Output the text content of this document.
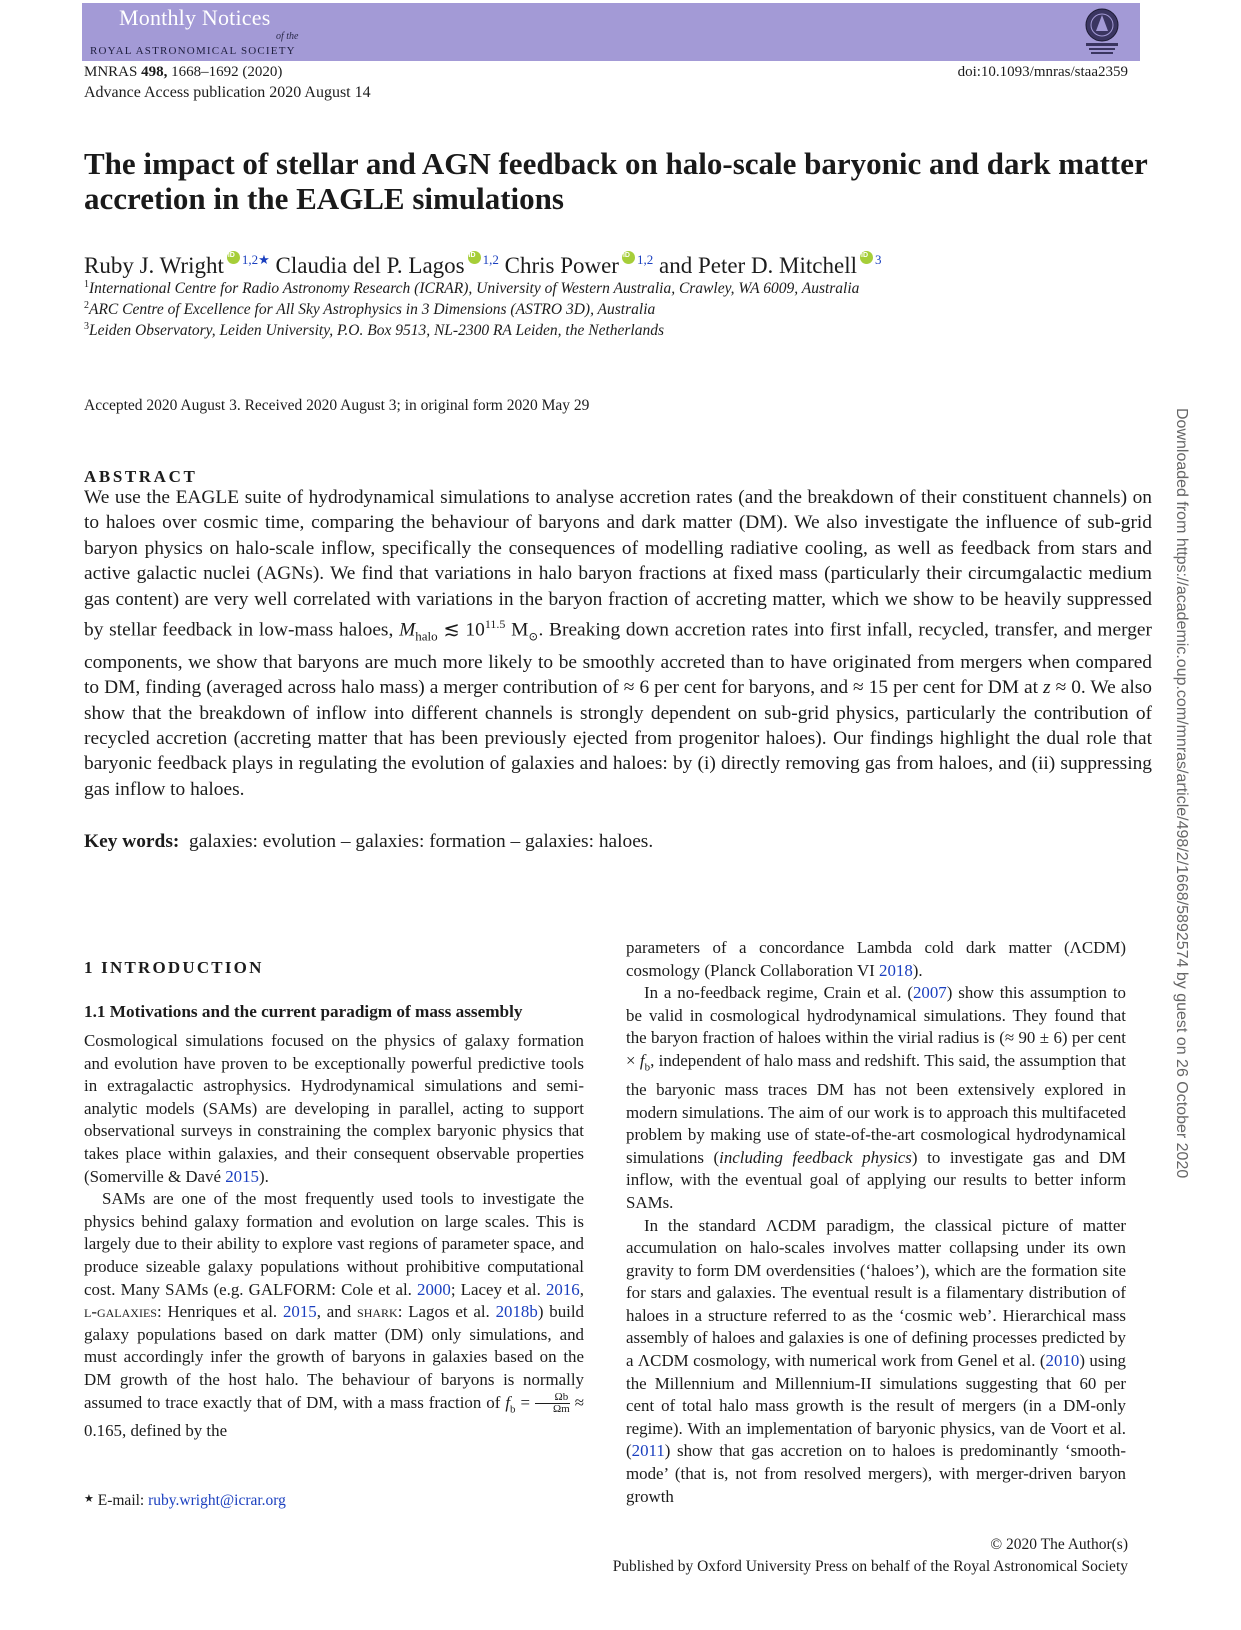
Monthly Notices
of the
ROYAL ASTRONOMICAL SOCIETY
MNRAS 498, 1668–1692 (2020)
Advance Access publication 2020 August 14
doi:10.1093/mnras/staa2359
The impact of stellar and AGN feedback on halo-scale baryonic and dark matter accretion in the EAGLE simulations
Ruby J. Wright iD $^{1,2★}$ Claudia del P. Lagos iD $^{1,2}$ Chris Power iD $^{1,2}$ and Peter D. Mitchell iD $^3$
$^1$International Centre for Radio Astronomy Research (ICRAR), University of Western Australia, Crawley, WA 6009, Australia
$^2$ARC Centre of Excellence for All Sky Astrophysics in 3 Dimensions (ASTRO 3D), Australia
$^3$Leiden Observatory, Leiden University, P.O. Box 9513, NL-2300 RA Leiden, the Netherlands
Accepted 2020 August 3. Received 2020 August 3; in original form 2020 May 29
ABSTRACT
We use the EAGLE suite of hydrodynamical simulations to analyse accretion rates (and the breakdown of their constituent channels) on to haloes over cosmic time, comparing the behaviour of baryons and dark matter (DM). We also investigate the influence of sub-grid baryon physics on halo-scale inflow, specifically the consequences of modelling radiative cooling, as well as feedback from stars and active galactic nuclei (AGNs). We find that variations in halo baryon fractions at fixed mass (particularly their circumgalactic medium gas content) are very well correlated with variations in the baryon fraction of accreting matter, which we show to be heavily suppressed by stellar feedback in low-mass haloes, $M_{halo}$ ≲ $10^{11.5}$ $M_⊙$. Breaking down accretion rates into first infall, recycled, transfer, and merger components, we show that baryons are much more likely to be smoothly accreted than to have originated from mergers when compared to DM, finding (averaged across halo mass) a merger contribution of ≈ 6 per cent for baryons, and ≈ 15 per cent for DM at z ≈ 0. We also show that the breakdown of inflow into different channels is strongly dependent on sub-grid physics, particularly the contribution of recycled accretion (accreting matter that has been previously ejected from progenitor haloes). Our findings highlight the dual role that baryonic feedback plays in regulating the evolution of galaxies and haloes: by (i) directly removing gas from haloes, and (ii) suppressing gas inflow to haloes.
Key words: galaxies: evolution – galaxies: formation – galaxies: haloes.
1 INTRODUCTION
1.1 Motivations and the current paradigm of mass assembly

Cosmological simulations focused on the physics of galaxy formation and evolution have proven to be exceptionally powerful predictive tools in extragalactic astrophysics. Hydrodynamical simulations and semi-analytic models (SAMs) are developing in parallel, acting to support observational surveys in constraining the complex baryonic physics that takes place within galaxies, and their consequent observable properties (Somerville & Davé 2015).

SAMs are one of the most frequently used tools to investigate the physics behind galaxy formation and evolution on large scales. This is largely due to their ability to explore vast regions of parameter space, and produce sizeable galaxy populations without prohibitive computational cost. Many SAMs (e.g. GALFORM: Cole et al. 2000; Lacey et al. 2016, l-galaxies: Henriques et al. 2015, and shark: Lagos et al. 2018b) build galaxy populations based on dark matter (DM) only simulations, and must accordingly infer the growth of baryons in galaxies based on the DM growth of the host halo. The behaviour of baryons is normally assumed to trace exactly that of DM, with a mass fraction of $f_b = \frac{\Omega b}{\Omega m} \approx 0.165$, defined by the

parameters of a concordance Lambda cold dark matter (ΛCDM) cosmology (Planck Collaboration VI 2018).

In a no-feedback regime, Crain et al. (2007) show this assumption to be valid in cosmological hydrodynamical simulations. They found that the baryon fraction of haloes within the virial radius is (≈ 90 ± 6) per cent × $f_b$, independent of halo mass and redshift. This said, the assumption that the baryonic mass traces DM has not been extensively explored in modern simulations. The aim of our work is to approach this multifaceted problem by making use of state-of-the-art cosmological hydrodynamical simulations (including feedback physics) to investigate gas and DM inflow, with the eventual goal of applying our results to better inform SAMs.

In the standard ΛCDM paradigm, the classical picture of matter accumulation on halo-scales involves matter collapsing under its own gravity to form DM overdensities (‘haloes’), which are the formation site for stars and galaxies. The eventual result is a filamentary distribution of haloes in a structure referred to as the ‘cosmic web’. Hierarchical mass assembly of haloes and galaxies is one of defining processes predicted by a ΛCDM cosmology, with numerical work from Genel et al. (2010) using the Millennium and Millennium-II simulations suggesting that 60 per cent of total halo mass growth is the result of mergers (in a DM-only regime). With an implementation of baryonic physics, van de Voort et al. (2011) show that gas accretion on to haloes is predominantly ‘smooth-mode’ (that is, not from resolved mergers), with merger-driven baryon growth

★ E-mail: ruby.wright@icrar.org
© 2020 The Author(s)
Published by Oxford University Press on behalf of the Royal Astronomical Society
Downloaded from https://academic.oup.com/mnras/article/498/2/1668/5892574 by guest on 26 October 2020
